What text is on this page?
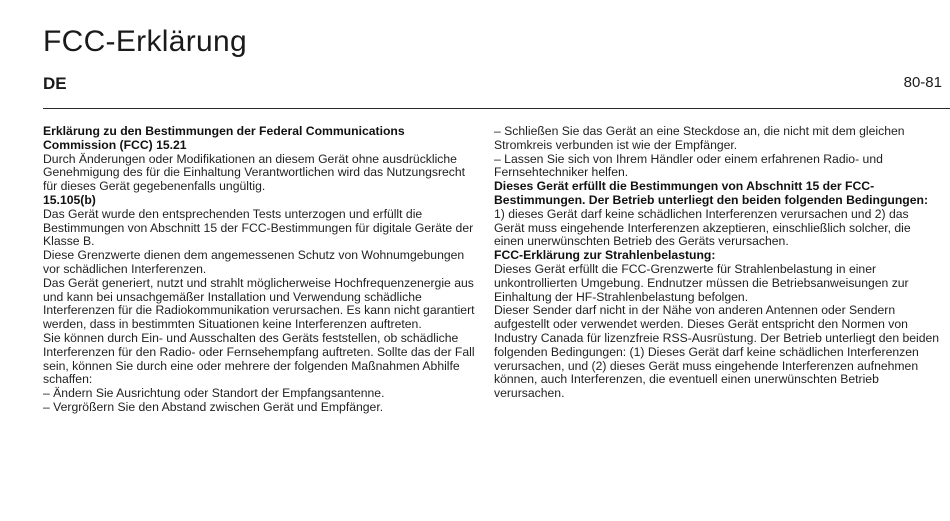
FCC-Erklärung
DE	80-81

Erklärung zu den Bestimmungen der Federal Communications Commission (FCC) 15.21

Durch Änderungen oder Modifikationen an diesem Gerät ohne ausdrückliche Genehmigung des für die Einhaltung Verantwortlichen wird das Nutzungsrecht für dieses Gerät gegebenenfalls ungültig.

15.105(b)

Das Gerät wurde den entsprechenden Tests unterzogen und erfüllt die Bestimmungen von Abschnitt 15 der FCC-Bestimmungen für digitale Geräte der Klasse B.

Diese Grenzwerte dienen dem angemessenen Schutz von Wohnumgebungen vor schädlichen Interferenzen.

Das Gerät generiert, nutzt und strahlt möglicherweise Hochfrequenzenergie aus und kann bei unsachgemäßer Installation und Verwendung schädliche Interferenzen für die Radiokommunikation verursachen. Es kann nicht garantiert werden, dass in bestimmten Situationen keine Interferenzen auftreten.

Sie können durch Ein- und Ausschalten des Geräts feststellen, ob schädliche Interferenzen für den Radio- oder Fernsehempfang auftreten. Sollte das der Fall sein, können Sie durch eine oder mehrere der folgenden Maßnahmen Abhilfe schaffen:

– Ändern Sie Ausrichtung oder Standort der Empfangsantenne.

– Vergrößern Sie den Abstand zwischen Gerät und Empfänger.

– Schließen Sie das Gerät an eine Steckdose an, die nicht mit dem gleichen Stromkreis verbunden ist wie der Empfänger.

– Lassen Sie sich von Ihrem Händler oder einem erfahrenen Radio- und Fernsehtechniker helfen.

Dieses Gerät erfüllt die Bestimmungen von Abschnitt 15 der FCC-Bestimmungen. Der Betrieb unterliegt den beiden folgenden Bedingungen:

1) dieses Gerät darf keine schädlichen Interferenzen verursachen und 2) das Gerät muss eingehende Interferenzen akzeptieren, einschließlich solcher, die einen unerwünschten Betrieb des Geräts verursachen.

FCC-Erklärung zur Strahlenbelastung:

Dieses Gerät erfüllt die FCC-Grenzwerte für Strahlenbelastung in einer unkontrollierten Umgebung. Endnutzer müssen die Betriebsanweisungen zur Einhaltung der HF-Strahlenbelastung befolgen.

Dieser Sender darf nicht in der Nähe von anderen Antennen oder Sendern aufgestellt oder verwendet werden. Dieses Gerät entspricht den Normen von Industry Canada für lizenzfreie RSS-Ausrüstung. Der Betrieb unterliegt den beiden folgenden Bedingungen: (1) Dieses Gerät darf keine schädlichen Interferenzen verursachen, und (2) dieses Gerät muss eingehende Interferenzen aufnehmen können, auch Interferenzen, die eventuell einen unerwünschten Betrieb verursachen.
